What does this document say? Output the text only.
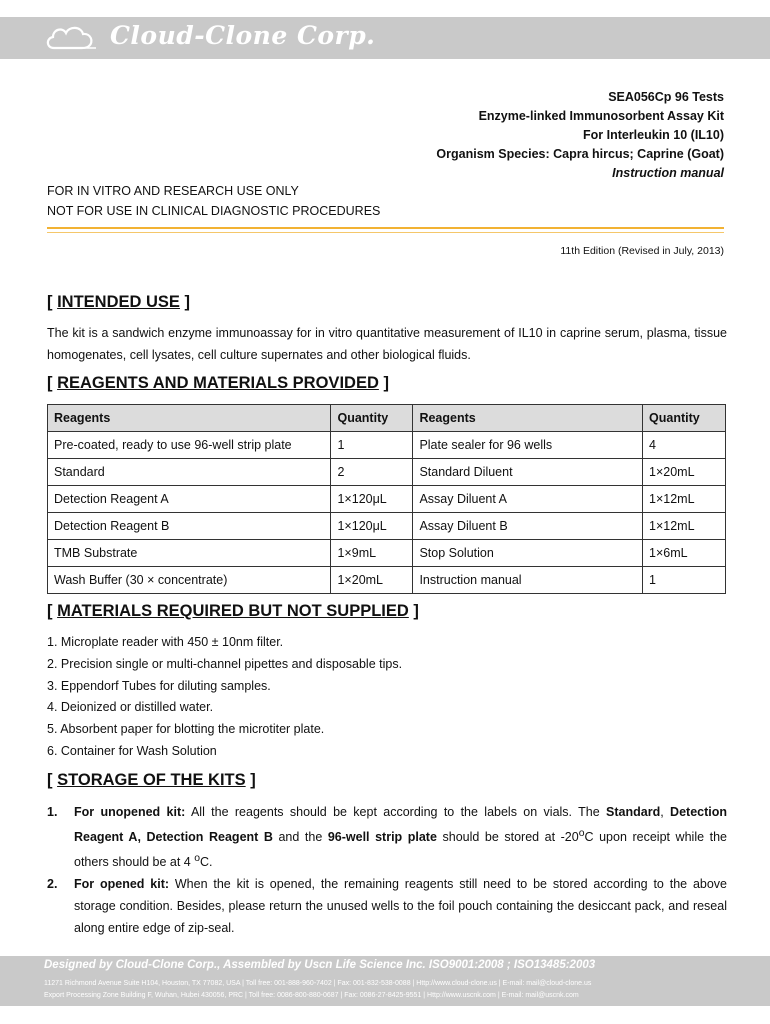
Cloud-Clone Corp.
SEA056Cp 96 Tests
Enzyme-linked Immunosorbent Assay Kit
For Interleukin 10 (IL10)
Organism Species: Capra hircus; Caprine (Goat)
Instruction manual
FOR IN VITRO AND RESEARCH USE ONLY
NOT FOR USE IN CLINICAL DIAGNOSTIC PROCEDURES
11th Edition (Revised in July, 2013)
[ INTENDED USE ]
The kit is a sandwich enzyme immunoassay for in vitro quantitative measurement of IL10 in caprine serum, plasma, tissue homogenates, cell lysates, cell culture supernates and other biological fluids.
[ REAGENTS AND MATERIALS PROVIDED ]
Reagents	Quantity	Reagents	Quantity
Pre-coated, ready to use 96-well strip plate	1	Plate sealer for 96 wells	4
Standard	2	Standard Diluent	1×20mL
Detection Reagent A	1×120μL	Assay Diluent A	1×12mL
Detection Reagent B	1×120μL	Assay Diluent B	1×12mL
TMB Substrate	1×9mL	Stop Solution	1×6mL
Wash Buffer (30 × concentrate)	1×20mL	Instruction manual	1
[ MATERIALS REQUIRED BUT NOT SUPPLIED ]
1. Microplate reader with 450 ± 10nm filter.
2. Precision single or multi-channel pipettes and disposable tips.
3. Eppendorf Tubes for diluting samples.
4. Deionized or distilled water.
5. Absorbent paper for blotting the microtiter plate.
6. Container for Wash Solution
[ STORAGE OF THE KITS ]
1. For unopened kit: All the reagents should be kept according to the labels on vials. The Standard, Detection Reagent A, Detection Reagent B and the 96-well strip plate should be stored at -20$^o$C upon receipt while the others should be at 4 $^o$C.
2. For opened kit: When the kit is opened, the remaining reagents still need to be stored according to the above storage condition. Besides, please return the unused wells to the foil pouch containing the desiccant pack, and reseal along entire edge of zip-seal.
Designed by Cloud-Clone Corp., Assembled by Uscn Life Science Inc. ISO9001:2008 ; ISO13485:2003
11271 Richmond Avenue Suite H104, Houston, TX 77082, USA | Toll free: 001-888-960-7402 | Fax: 001-832-538-0088 | Http://www.cloud-clone.us | E-mail: mail@cloud-clone.us
Export Processing Zone Building F, Wuhan, Hubei 430056, PRC | Toll free: 0086-800-880-0687 | Fax: 0086-27-8425-9551 | Http://www.uscnk.com | E-mail: mail@uscnk.com
